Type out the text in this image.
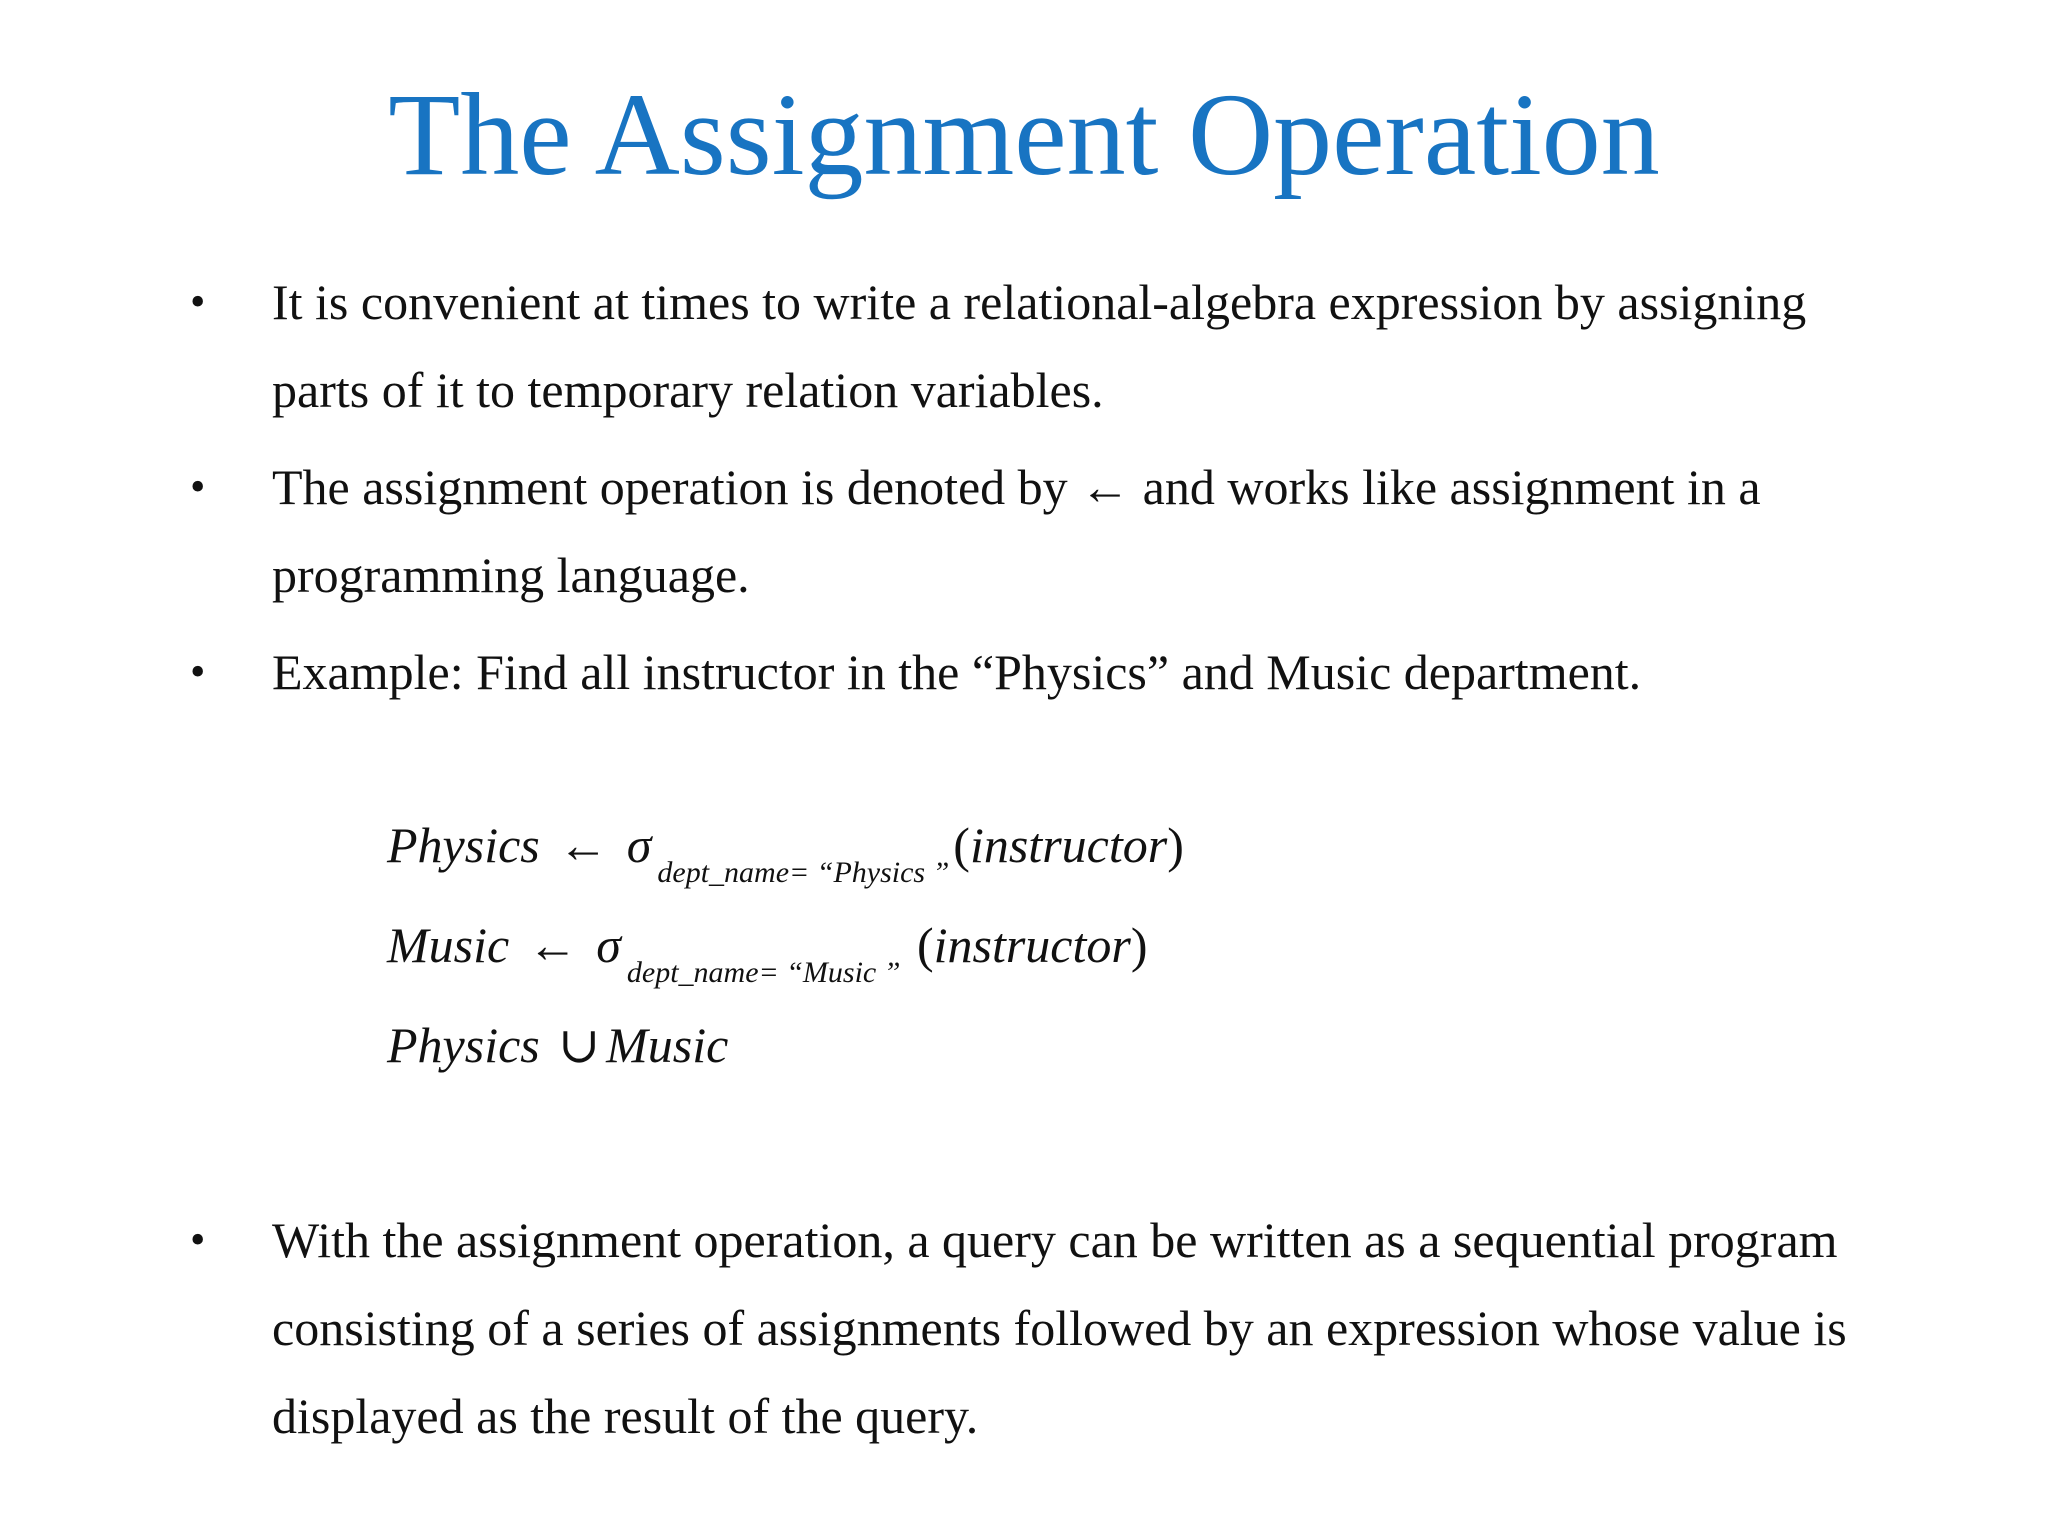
The Assignment Operation
• It is convenient at times to write a relational-algebra expression by assigning parts of it to temporary relation variables.
• The assignment operation is denoted by ← and works like assignment in a programming language.
• Example: Find all instructor in the “Physics” and Music department.
Physics ← σ $_{dept\_name= “Physics ”}$(instructor)
Music ← σ $_{dept\_name= “Music ”}$ (instructor)
Physics ∪ Music
• With the assignment operation, a query can be written as a sequential program consisting of a series of assignments followed by an expression whose value is displayed as the result of the query.
